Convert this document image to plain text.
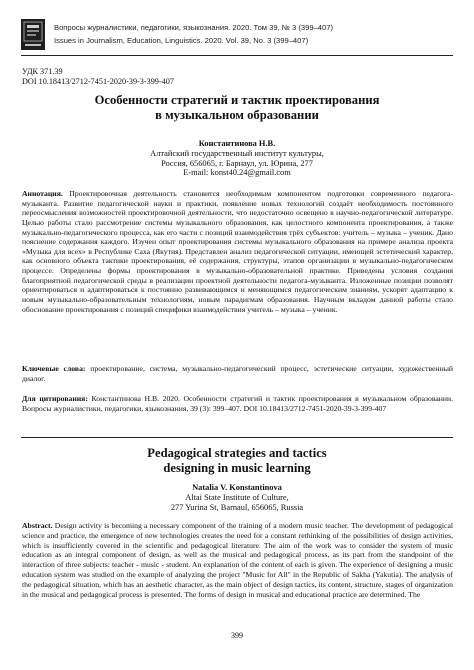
Вопросы журналистики, педагогики, языкознания. 2020. Том 39, № 3 (399–407)
Issues in Journalism, Education, Linguistics. 2020. Vol. 39, No. 3 (399–407)
УДК 371.39
DOI 10.18413/2712-7451-2020-39-3-399-407
Особенности стратегий и тактик проектирования
в музыкальном образовании
Константинова Н.В.
Алтайский государственный институт культуры,
Россия, 656065, г. Барнаул, ул. Юрина, 277
E-mail: konst40.24@gmail.com
Аннотация. Проектировочная деятельность становится необходимым компонентом подготовки современного педагога-музыканта. Развитие педагогической науки и практики, появление новых технологий создаёт необходимость постоянного переосмысления возможностей проектировочной деятельности, что недостаточно освещено в научно-педагогической литературе. Целью работы стало рассмотрение системы музыкального образования, как целостного компонента проектирования, а также музыкально-педагогического процесса, как его части с позиций взаимодействия трёх субъектов: учитель – музыка – ученик. Дано пояснение содержания каждого. Изучен опыт проектирования системы музыкального образования на примере анализа проекта «Музыка для всех» в Республике Саха (Якутия). Представлен анализ педагогической ситуации, имеющей эстетический характер, как основного объекта тактики проектирования, её содержания, структуры, этапов организации в музыкально-педагогическом процессе. Определены формы проектирования в музыкально-образовательной практике. Приведены условия создания благоприятной педагогической среды в реализации проектной деятельности педагога-музыканта. Изложенные позиции позволят ориентироваться и адаптироваться к постоянно развивающимся и меняющимся педагогическим знаниям, ускорят адаптацию к новым музыкально-образовательным технологиям, новым парадигмам образования. Научным вкладом данной работы стало обоснование проектирования с позиций специфики взаимодействия учитель – музыка – ученик.
Ключевые слова: проектирование, система, музыкально-педагогический процесс, эстетические ситуации, художественный диалог.
Для цитирования: Константинова Н.В. 2020. Особенности стратегий и тактик проектирования в музыкальном образовании. Вопросы журналистики, педагогики, языкознания, 39 (3): 399–407. DOI 10.18413/2712-7451-2020-39-3-399-407
Pedagogical strategies and tactics
designing in music learning
Natalia V. Konstantinova
Altai State Institute of Culture,
277 Yurina St, Barnaul, 656065, Russia
Abstract. Design activity is becoming a necessary component of the training of a modern music teacher. The development of pedagogical science and practice, the emergence of new technologies creates the need for a constant rethinking of the possibilities of design activities, which is insufficiently covered in the scientific and pedagogical literature. The aim of the work was to consider the system of music education as an integral component of design, as well as the musical and pedagogical process, as its part from the standpoint of the interaction of three subjects: teacher - music - student. An explanation of the content of each is given. The experience of designing a music education system was studied on the example of analyzing the project "Music for All" in the Republic of Sakha (Yakutia). The analysis of the pedagogical situation, which has an aesthetic character, as the main object of design tactics, its content, structure, stages of organization in the musical and pedagogical process is presented. The forms of design in musical and educational practice are determined. The
399
